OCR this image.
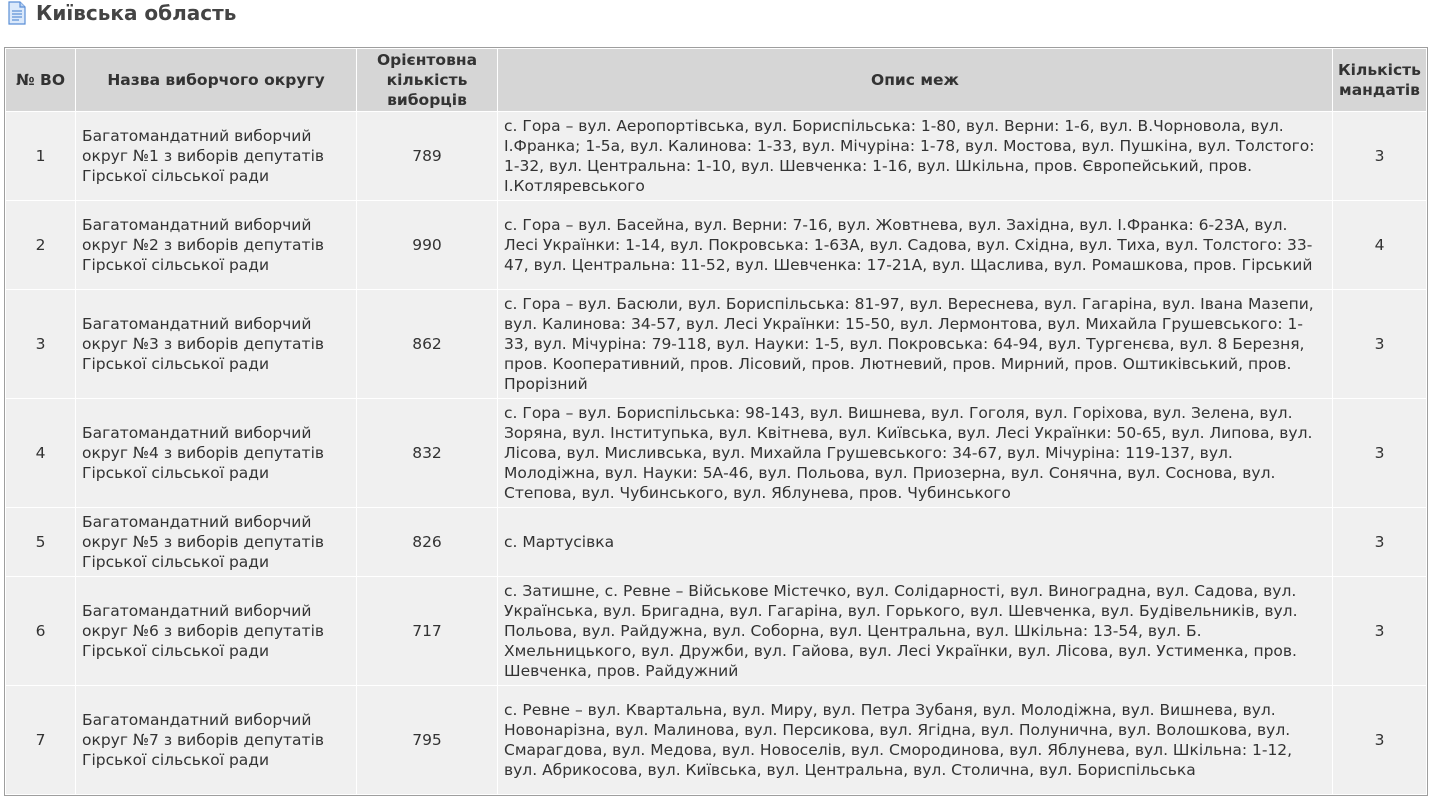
Київська область
№ ВО	Назва виборчого округу	Орієнтовна кількість виборців	Опис меж	Кількість мандатів
1	Багатомандатний виборчий округ №1 з виборів депутатів Гірської сільської ради	789	с. Гора – вул. Аеропортівська, вул. Бориспільська: 1-80, вул. Верни: 1-6, вул. В.Чорновола, вул. І.Франка; 1-5а, вул. Калинова: 1-33, вул. Мічуріна: 1-78, вул. Мостова, вул. Пушкіна, вул. Толстого: 1-32, вул. Центральна: 1-10, вул. Шевченка: 1-16, вул. Шкільна, пров. Європейський, пров. І.Котляревського	3
2	Багатомандатний виборчий округ №2 з виборів депутатів Гірської сільської ради	990	с. Гора – вул. Басейна, вул. Верни: 7-16, вул. Жовтнева, вул. Західна, вул. І.Франка: 6-23А, вул. Лесі Українки: 1-14, вул. Покровська: 1-63А, вул. Садова, вул. Східна, вул. Тиха, вул. Толстого: 33-47, вул. Центральна: 11-52, вул. Шевченка: 17-21А, вул. Щаслива, вул. Ромашкова, пров. Гірський	4
3	Багатомандатний виборчий округ №3 з виборів депутатів Гірської сільської ради	862	с. Гора – вул. Басюли, вул. Бориспільська: 81-97, вул. Вереснева, вул. Гагаріна, вул. Івана Мазепи, вул. Калинова: 34-57, вул. Лесі Українки: 15-50, вул. Лермонтова, вул. Михайла Грушевського: 1-33, вул. Мічуріна: 79-118, вул. Науки: 1-5, вул. Покровська: 64-94, вул. Тургенєва, вул. 8 Березня, пров. Кооперативний, пров. Лісовий, пров. Лютневий, пров. Мирний, пров. Оштиківський, пров. Прорізний	3
4	Багатомандатний виборчий округ №4 з виборів депутатів Гірської сільської ради	832	с. Гора – вул. Бориспільська: 98-143, вул. Вишнева, вул. Гоголя, вул. Горіхова, вул. Зелена, вул. Зоряна, вул. Інститупька, вул. Квітнева, вул. Київська, вул. Лесі Українки: 50-65, вул. Липова, вул. Лісова, вул. Мисливська, вул. Михайла Грушевського: 34-67, вул. Мічуріна: 119-137, вул. Молодіжна, вул. Науки: 5А-46, вул. Польова, вул. Приозерна, вул. Сонячна, вул. Соснова, вул. Степова, вул. Чубинського, вул. Яблунева, пров. Чубинського	3
5	Багатомандатний виборчий округ №5 з виборів депутатів Гірської сільської ради	826	с. Мартусівка	3
6	Багатомандатний виборчий округ №6 з виборів депутатів Гірської сільської ради	717	с. Затишне, с. Ревне – Військове Містечко, вул. Солідарності, вул. Виноградна, вул. Садова, вул. Українська, вул. Бригадна, вул. Гагаріна, вул. Горького, вул. Шевченка, вул. Будівельників, вул. Польова, вул. Райдужна, вул. Соборна, вул. Центральна, вул. Шкільна: 13-54, вул. Б. Хмельницького, вул. Дружби, вул. Гайова, вул. Лесі Українки, вул. Лісова, вул. Устименка, пров. Шевченка, пров. Райдужний	3
7	Багатомандатний виборчий округ №7 з виборів депутатів Гірської сільської ради	795	с. Ревне – вул. Квартальна, вул. Миру, вул. Петра Зубаня, вул. Молодіжна, вул. Вишнева, вул. Новонарізна, вул. Малинова, вул. Персикова, вул. Ягідна, вул. Полунична, вул. Волошкова, вул. Смарагдова, вул. Медова, вул. Новоселів, вул. Смородинова, вул. Яблунева, вул. Шкільна: 1-12, вул. Абрикосова, вул. Київська, вул. Центральна, вул. Столична, вул. Бориспільська	3
